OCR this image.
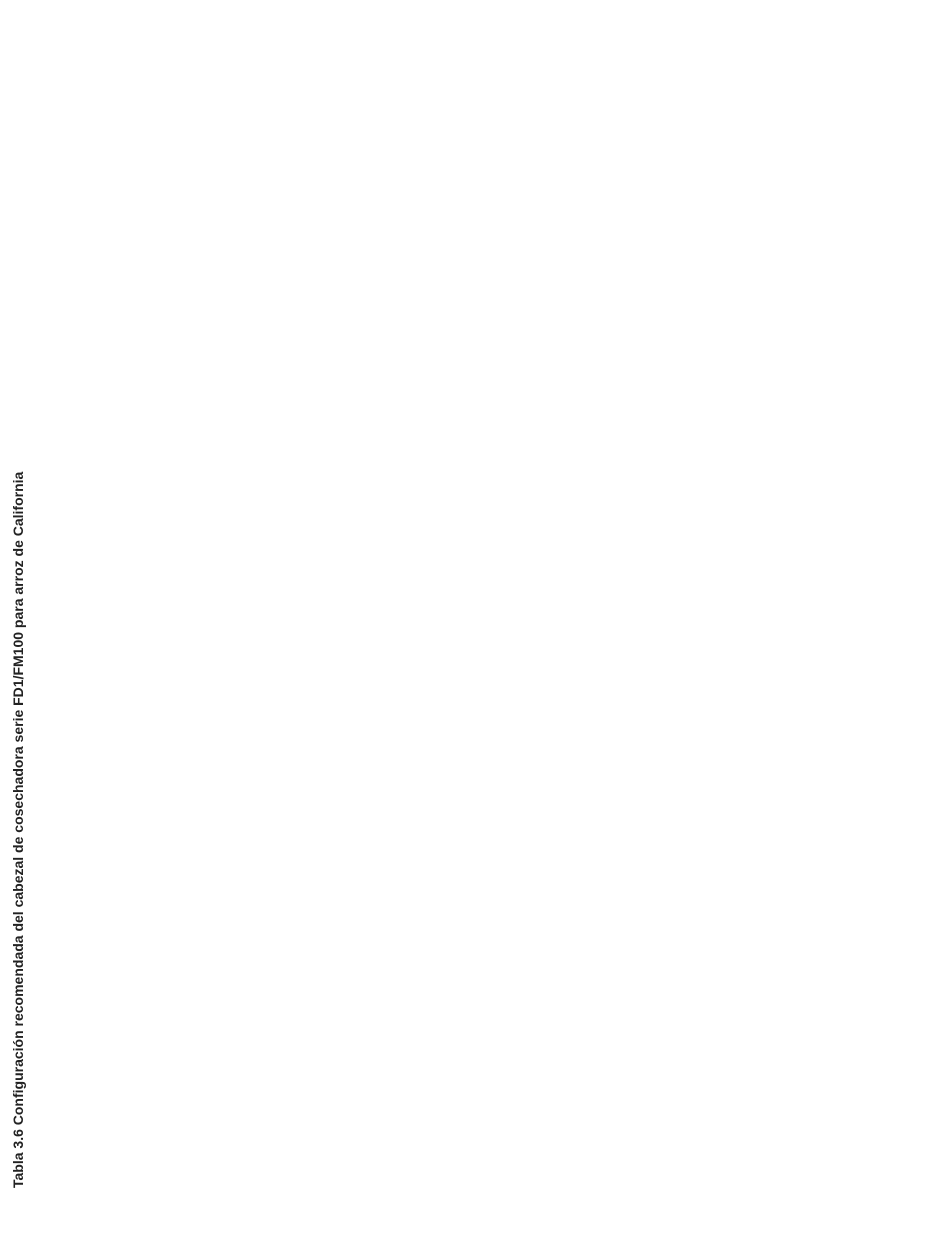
Tabla 3.6 Configuración recomendada del cabezal de cosechadora serie FD1/FM100 para arroz de California
